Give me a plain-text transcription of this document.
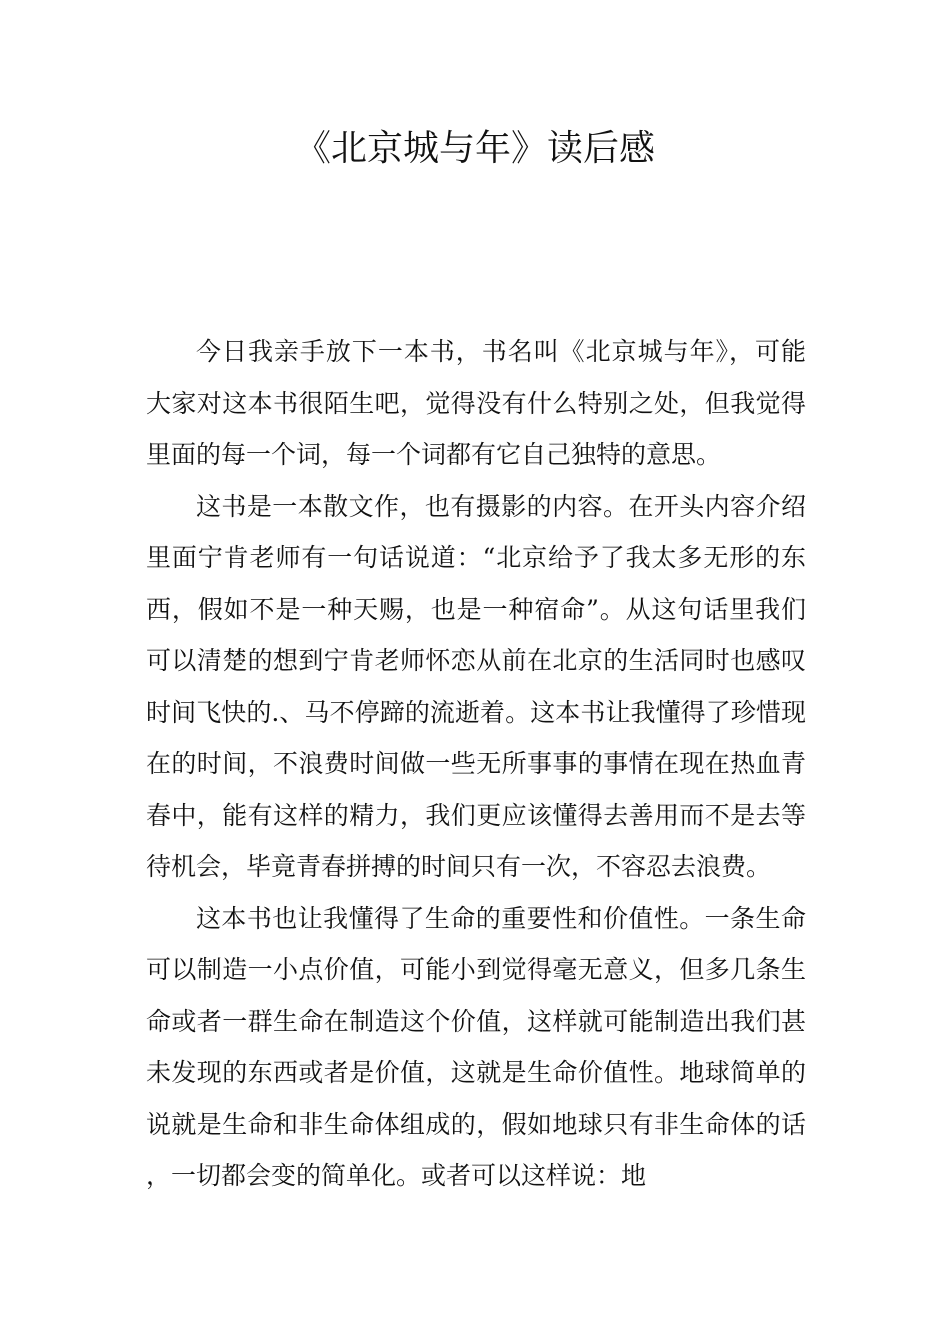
《北京城与年》读后感

今日我亲手放下一本书，书名叫《北京城与年》，可能大家对这本书很陌生吧，觉得没有什么特别之处，但我觉得里面的每一个词，每一个词都有它自己独特的意思。

这书是一本散文作，也有摄影的内容。在开头内容介绍里面宁肯老师有一句话说道：“北京给予了我太多无形的东西，假如不是一种天赐，也是一种宿命”。从这句话里我们可以清楚的想到宁肯老师怀恋从前在北京的生活同时也感叹时间飞快的.、马不停蹄的流逝着。这本书让我懂得了珍惜现在的时间，不浪费时间做一些无所事事的事情在现在热血青春中，能有这样的精力，我们更应该懂得去善用而不是去等待机会，毕竟青春拼搏的时间只有一次，不容忍去浪费。

这本书也让我懂得了生命的重要性和价值性。一条生命可以制造一小点价值，可能小到觉得毫无意义，但多几条生命或者一群生命在制造这个价值，这样就可能制造出我们甚未发现的东西或者是价值，这就是生命价值性。地球简单的说就是生命和非生命体组成的，假如地球只有非生命体的话，一切都会变的简单化。或者可以这样说：地
